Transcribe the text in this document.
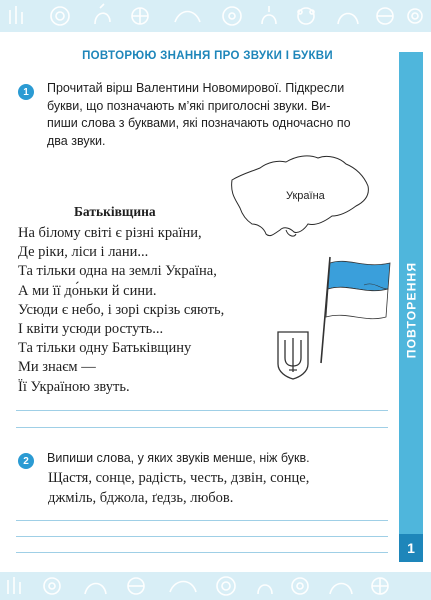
ПОВТОРЕННЯ
1
ПОВТОРЮЮ ЗНАННЯ ПРО ЗВУКИ І БУКВИ
1	Прочитай вірш Валентини Новомирової. Підкресли
букви, що позначають м’які приголосні звуки. Ви-
пиши слова з буквами, які позначають одночасно по
два звуки.
Україна
Батьківщина
На білому світі є різні країни,
Де ріки, ліси і лани...
Та тільки одна на землі Україна,
А ми її до́ньки й сини.
Усюди є небо, і зорі скрізь сяють,
І квіти усюди ростуть...
Та тільки одну Батьківщину
Ми знаєм —
Її Україною звуть.
2	Випиши слова, у яких звуків менше, ніж букв.
Щастя, сонце, радість, честь, дзвін, сонце,
джміль, бджола, ґедзь, любов.
